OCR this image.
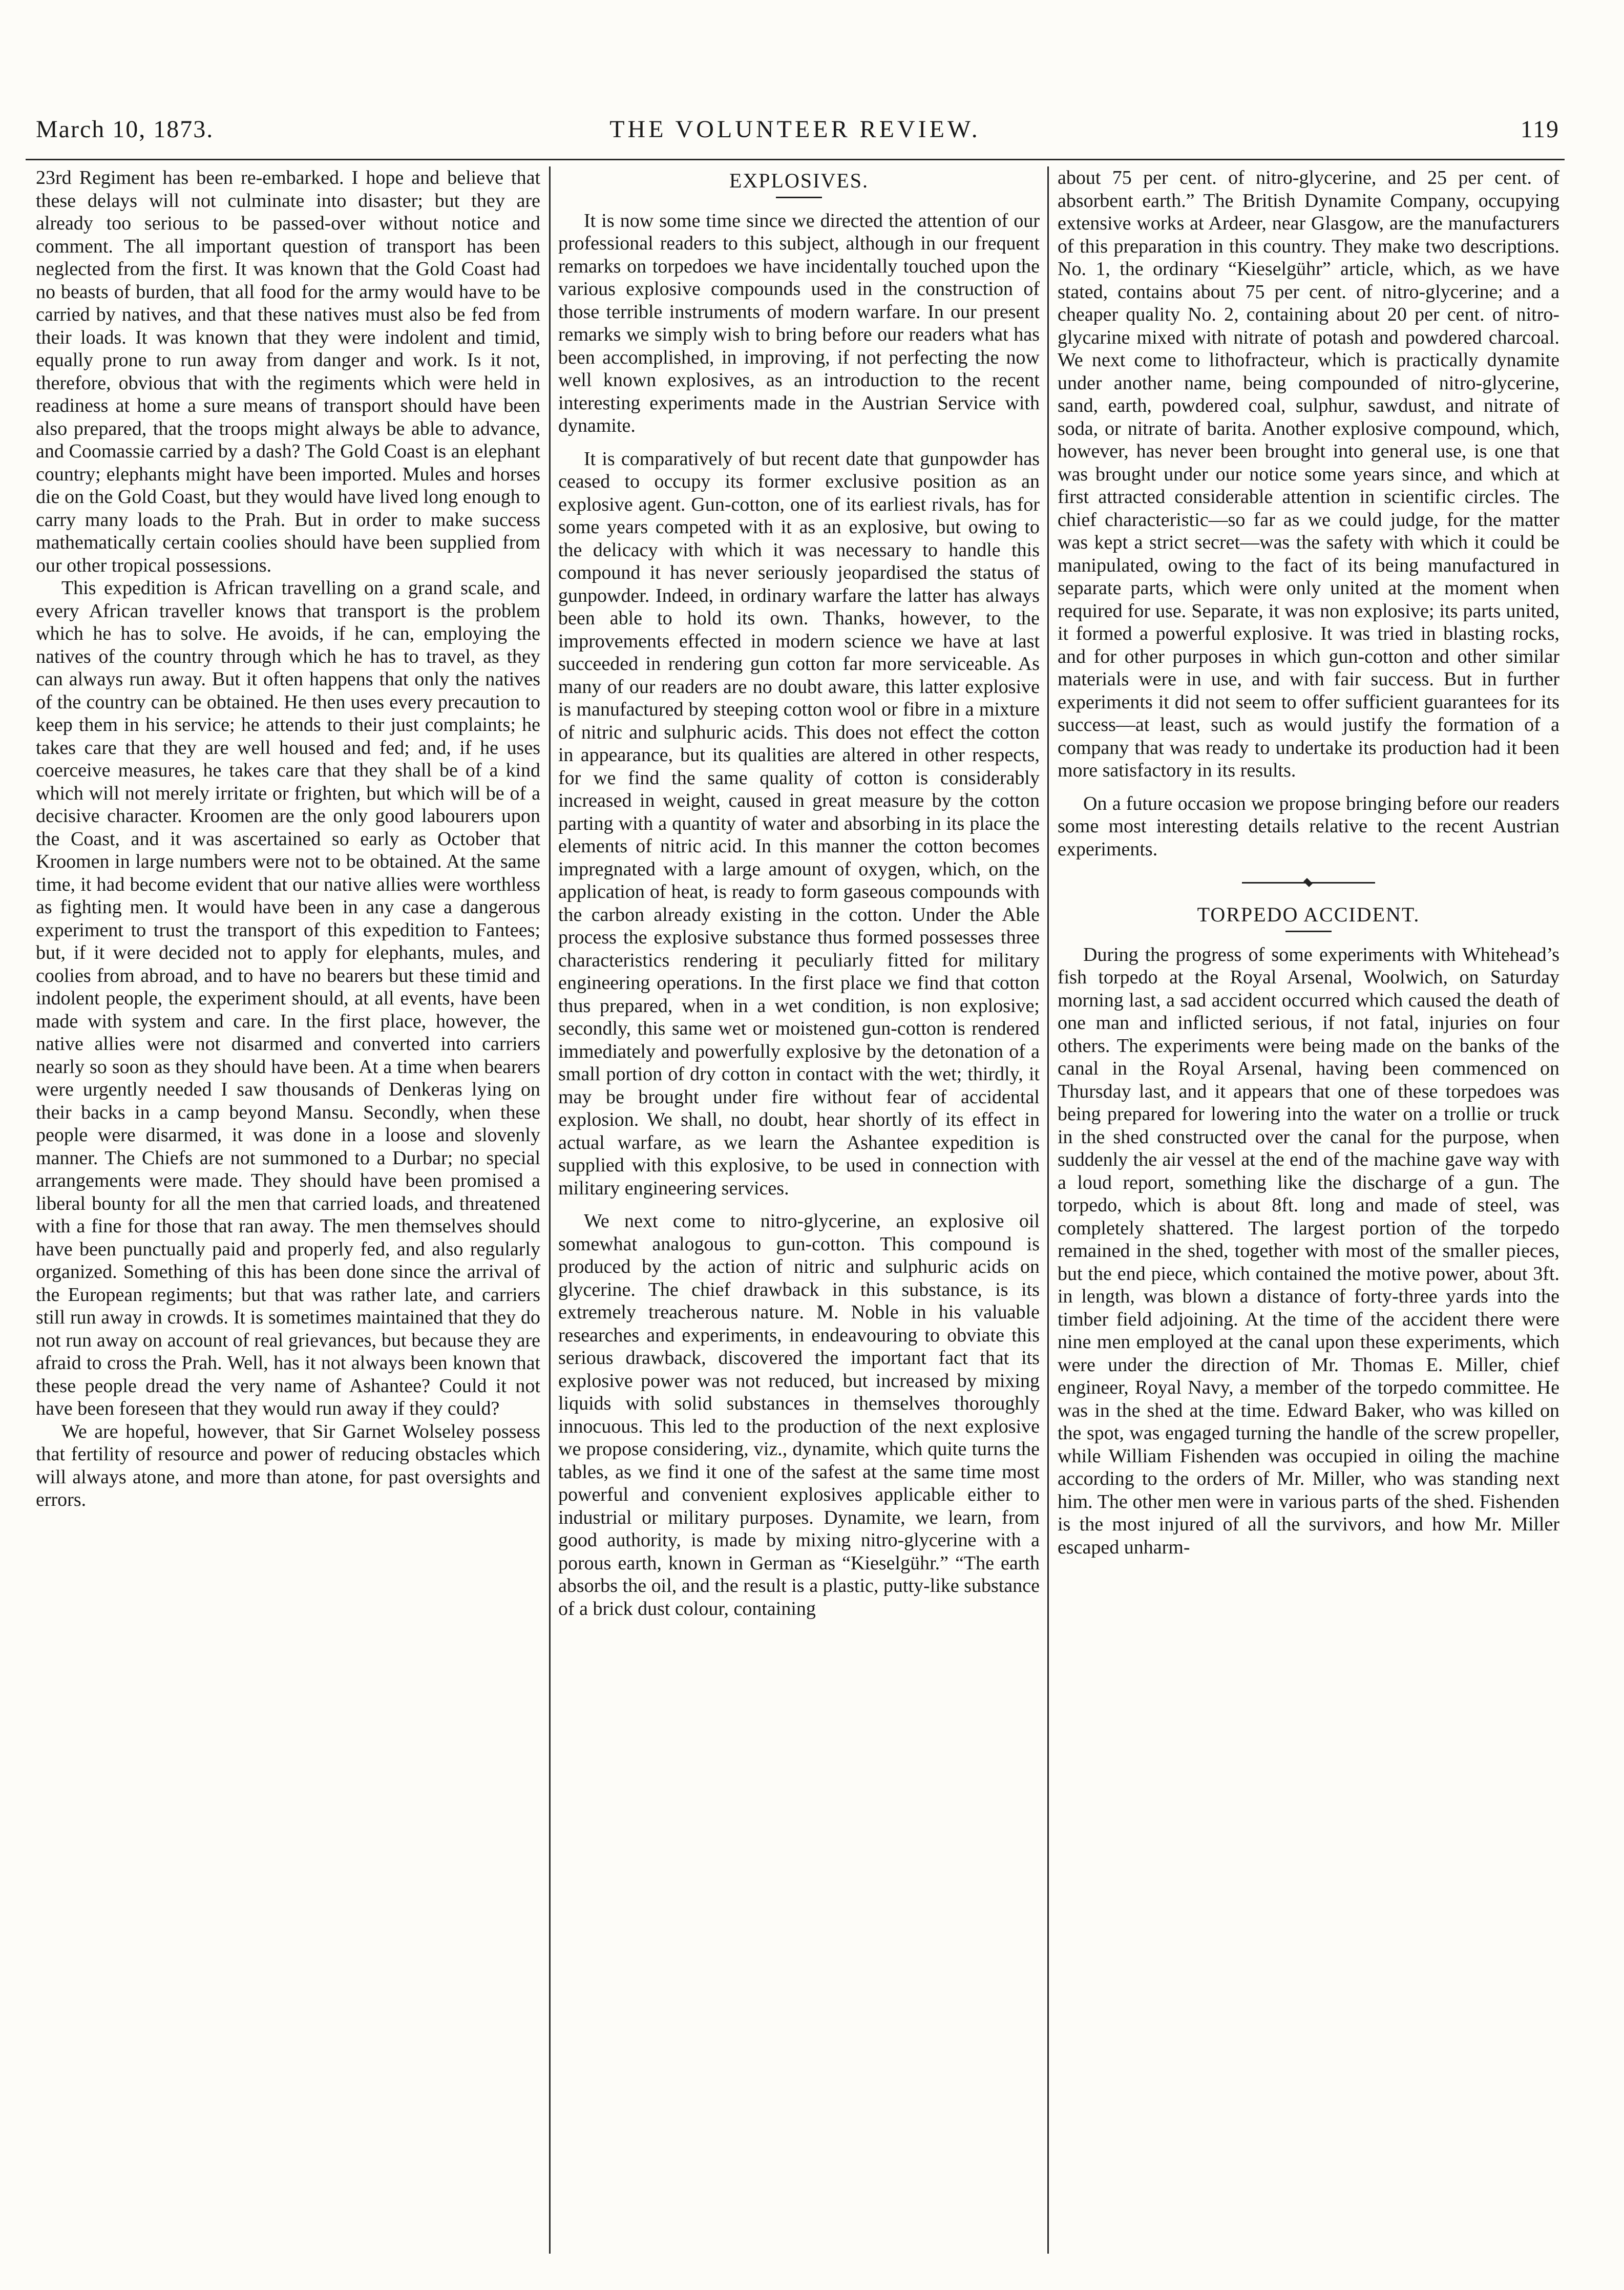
March 10, 1873.	THE VOLUNTEER REVIEW.	119

23rd Regiment has been re-embarked. I hope and believe that these delays will not culminate into disaster; but they are already too serious to be passed-over without notice and comment. The all important question of transport has been neglected from the first. It was known that the Gold Coast had no beasts of burden, that all food for the army would have to be carried by natives, and that these natives must also be fed from their loads. It was known that they were indolent and timid, equally prone to run away from danger and work. Is it not, therefore, obvious that with the regiments which were held in readiness at home a sure means of transport should have been also prepared, that the troops might always be able to advance, and Coomassie carried by a dash? The Gold Coast is an elephant country; elephants might have been imported. Mules and horses die on the Gold Coast, but they would have lived long enough to carry many loads to the Prah. But in order to make success mathematically certain coolies should have been supplied from our other tropical possessions.

This expedition is African travelling on a grand scale, and every African traveller knows that transport is the problem which he has to solve. He avoids, if he can, employing the natives of the country through which he has to travel, as they can always run away. But it often happens that only the natives of the country can be obtained. He then uses every precaution to keep them in his service; he attends to their just complaints; he takes care that they are well housed and fed; and, if he uses coerceive measures, he takes care that they shall be of a kind which will not merely irritate or frighten, but which will be of a decisive character. Kroomen are the only good labourers upon the Coast, and it was ascertained so early as October that Kroomen in large numbers were not to be obtained. At the same time, it had become evident that our native allies were worthless as fighting men. It would have been in any case a dangerous experiment to trust the transport of this expedition to Fantees; but, if it were decided not to apply for elephants, mules, and coolies from abroad, and to have no bearers but these timid and indolent people, the experiment should, at all events, have been made with system and care. In the first place, however, the native allies were not disarmed and converted into carriers nearly so soon as they should have been. At a time when bearers were urgently needed I saw thousands of Denkeras lying on their backs in a camp beyond Mansu. Secondly, when these people were disarmed, it was done in a loose and slovenly manner. The Chiefs are not summoned to a Durbar; no special arrangements were made. They should have been promised a liberal bounty for all the men that carried loads, and threatened with a fine for those that ran away. The men themselves should have been punctually paid and properly fed, and also regularly organized. Something of this has been done since the arrival of the European regiments; but that was rather late, and carriers still run away in crowds. It is sometimes maintained that they do not run away on account of real grievances, but because they are afraid to cross the Prah. Well, has it not always been known that these people dread the very name of Ashantee? Could it not have been foreseen that they would run away if they could?

We are hopeful, however, that Sir Garnet Wolseley possess that fertility of resource and power of reducing obstacles which will always atone, and more than atone, for past oversights and errors.

EXPLOSIVES.

It is now some time since we directed the attention of our professional readers to this subject, although in our frequent remarks on torpedoes we have incidentally touched upon the various explosive compounds used in the construction of those terrible instruments of modern warfare. In our present remarks we simply wish to bring before our readers what has been accomplished, in improving, if not perfecting the now well known explosives, as an introduction to the recent interesting experiments made in the Austrian Service with dynamite.

It is comparatively of but recent date that gunpowder has ceased to occupy its former exclusive position as an explosive agent. Gun-cotton, one of its earliest rivals, has for some years competed with it as an explosive, but owing to the delicacy with which it was necessary to handle this compound it has never seriously jeopardised the status of gunpowder. Indeed, in ordinary warfare the latter has always been able to hold its own. Thanks, however, to the improvements effected in modern science we have at last succeeded in rendering gun cotton far more serviceable. As many of our readers are no doubt aware, this latter explosive is manufactured by steeping cotton wool or fibre in a mixture of nitric and sulphuric acids. This does not effect the cotton in appearance, but its qualities are altered in other respects, for we find the same quality of cotton is considerably increased in weight, caused in great measure by the cotton parting with a quantity of water and absorbing in its place the elements of nitric acid. In this manner the cotton becomes impregnated with a large amount of oxygen, which, on the application of heat, is ready to form gaseous compounds with the carbon already existing in the cotton. Under the Able process the explosive substance thus formed possesses three characteristics rendering it peculiarly fitted for military engineering operations. In the first place we find that cotton thus prepared, when in a wet condition, is non explosive; secondly, this same wet or moistened gun-cotton is rendered immediately and powerfully explosive by the detonation of a small portion of dry cotton in contact with the wet; thirdly, it may be brought under fire without fear of accidental explosion. We shall, no doubt, hear shortly of its effect in actual warfare, as we learn the Ashantee expedition is supplied with this explosive, to be used in connection with military engineering services.

We next come to nitro-glycerine, an explosive oil somewhat analogous to gun-cotton. This compound is produced by the action of nitric and sulphuric acids on glycerine. The chief drawback in this substance, is its extremely treacherous nature. M. Noble in his valuable researches and experiments, in endeavouring to obviate this serious drawback, discovered the important fact that its explosive power was not reduced, but increased by mixing liquids with solid substances in themselves thoroughly innocuous. This led to the production of the next explosive we propose considering, viz., dynamite, which quite turns the tables, as we find it one of the safest at the same time most powerful and convenient explosives applicable either to industrial or military purposes. Dynamite, we learn, from good authority, is made by mixing nitro-glycerine with a porous earth, known in German as “Kieselgühr.” “The earth absorbs the oil, and the result is a plastic, putty-like substance of a brick dust colour, containing

about 75 per cent. of nitro-glycerine, and 25 per cent. of absorbent earth.” The British Dynamite Company, occupying extensive works at Ardeer, near Glasgow, are the manufacturers of this preparation in this country. They make two descriptions. No. 1, the ordinary “Kieselgühr” article, which, as we have stated, contains about 75 per cent. of nitro-glycerine; and a cheaper quality No. 2, containing about 20 per cent. of nitro-glycarine mixed with nitrate of potash and powdered charcoal. We next come to lithofracteur, which is practically dynamite under another name, being compounded of nitro-glycerine, sand, earth, powdered coal, sulphur, sawdust, and nitrate of soda, or nitrate of barita. Another explosive compound, which, however, has never been brought into general use, is one that was brought under our notice some years since, and which at first attracted considerable attention in scientific circles. The chief characteristic—so far as we could judge, for the matter was kept a strict secret—was the safety with which it could be manipulated, owing to the fact of its being manufactured in separate parts, which were only united at the moment when required for use. Separate, it was non explosive; its parts united, it formed a powerful explosive. It was tried in blasting rocks, and for other purposes in which gun-cotton and other similar materials were in use, and with fair success. But in further experiments it did not seem to offer sufficient guarantees for its success—at least, such as would justify the formation of a company that was ready to undertake its production had it been more satisfactory in its results.

On a future occasion we propose bringing before our readers some most interesting details relative to the recent Austrian experiments.

TORPEDO ACCIDENT.

During the progress of some experiments with Whitehead’s fish torpedo at the Royal Arsenal, Woolwich, on Saturday morning last, a sad accident occurred which caused the death of one man and inflicted serious, if not fatal, injuries on four others. The experiments were being made on the banks of the canal in the Royal Arsenal, having been commenced on Thursday last, and it appears that one of these torpedoes was being prepared for lowering into the water on a trollie or truck in the shed constructed over the canal for the purpose, when suddenly the air vessel at the end of the machine gave way with a loud report, something like the discharge of a gun. The torpedo, which is about 8ft. long and made of steel, was completely shattered. The largest portion of the torpedo remained in the shed, together with most of the smaller pieces, but the end piece, which contained the motive power, about 3ft. in length, was blown a distance of forty-three yards into the timber field adjoining. At the time of the accident there were nine men employed at the canal upon these experiments, which were under the direction of Mr. Thomas E. Miller, chief engineer, Royal Navy, a member of the torpedo committee. He was in the shed at the time. Edward Baker, who was killed on the spot, was engaged turning the handle of the screw propeller, while William Fishenden was occupied in oiling the machine according to the orders of Mr. Miller, who was standing next him. The other men were in various parts of the shed. Fishenden is the most injured of all the survivors, and how Mr. Miller escaped unharm-
